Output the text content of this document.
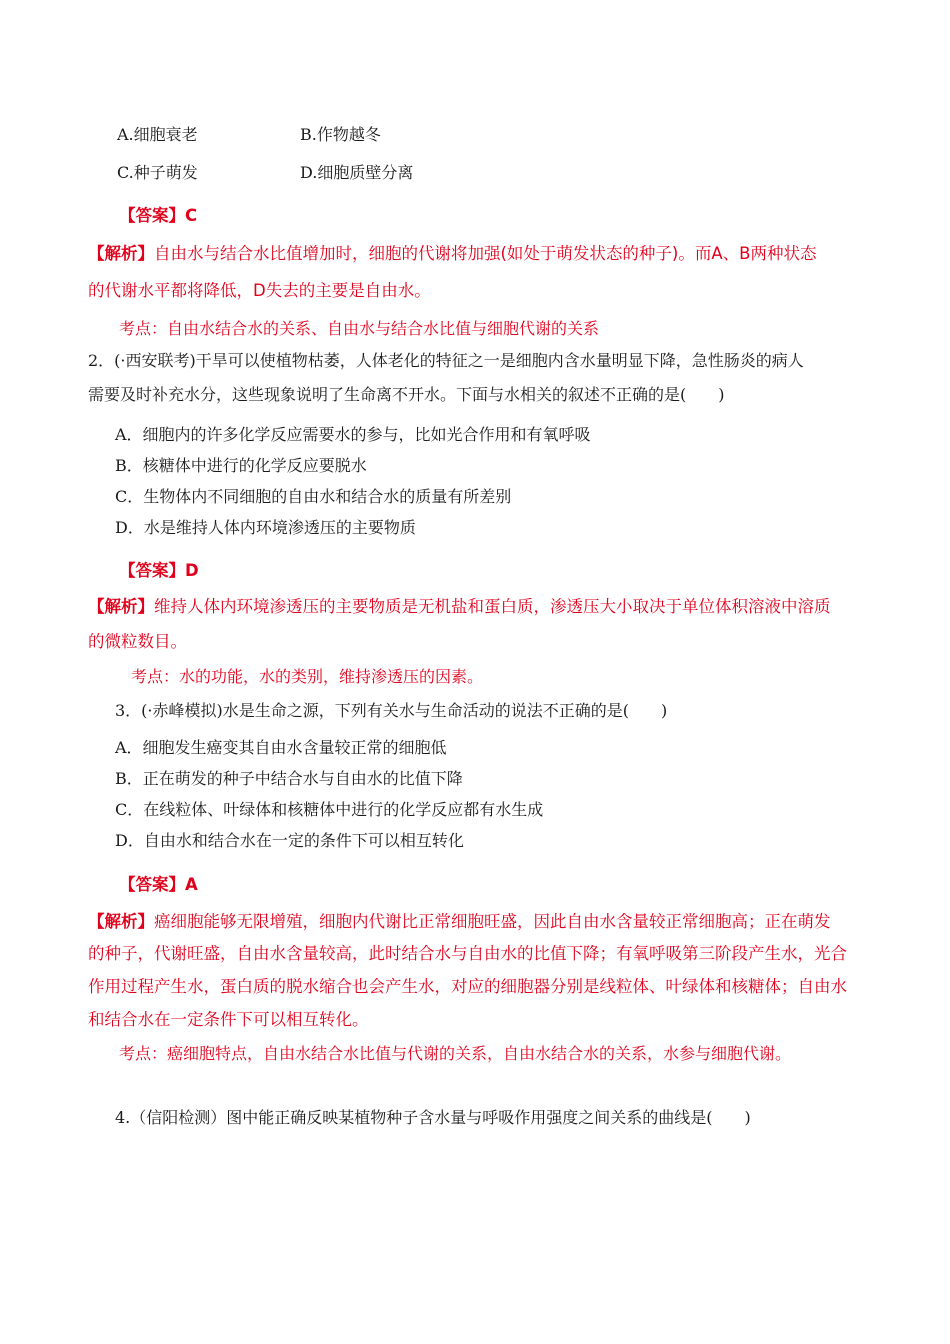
A.细胞衰老	B.作物越冬
C.种子萌发	D.细胞质壁分离
【答案】C
【解析】自由水与结合水比值增加时，细胞的代谢将加强(如处于萌发状态的种子)。而A、B两种状态
的代谢水平都将降低，D失去的主要是自由水。
考点：自由水结合水的关系、自由水与结合水比值与细胞代谢的关系
2．(·西安联考)干旱可以使植物枯萎，人体老化的特征之一是细胞内含水量明显下降，急性肠炎的病人
需要及时补充水分，这些现象说明了生命离不开水。下面与水相关的叙述不正确的是(　　)
A．细胞内的许多化学反应需要水的参与，比如光合作用和有氧呼吸
B．核糖体中进行的化学反应要脱水
C．生物体内不同细胞的自由水和结合水的质量有所差别
D．水是维持人体内环境渗透压的主要物质
【答案】D
【解析】维持人体内环境渗透压的主要物质是无机盐和蛋白质，渗透压大小取决于单位体积溶液中溶质
的微粒数目。
考点：水的功能，水的类别，维持渗透压的因素。
3．(·赤峰模拟)水是生命之源，下列有关水与生命活动的说法不正确的是(　　)
A．细胞发生癌变其自由水含量较正常的细胞低
B．正在萌发的种子中结合水与自由水的比值下降
C．在线粒体、叶绿体和核糖体中进行的化学反应都有水生成
D．自由水和结合水在一定的条件下可以相互转化
【答案】A
【解析】癌细胞能够无限增殖，细胞内代谢比正常细胞旺盛，因此自由水含量较正常细胞高；正在萌发
的种子，代谢旺盛，自由水含量较高，此时结合水与自由水的比值下降；有氧呼吸第三阶段产生水，光合
作用过程产生水，蛋白质的脱水缩合也会产生水，对应的细胞器分别是线粒体、叶绿体和核糖体；自由水
和结合水在一定条件下可以相互转化。
考点：癌细胞特点，自由水结合水比值与代谢的关系，自由水结合水的关系，水参与细胞代谢。
4.（信阳检测）图中能正确反映某植物种子含水量与呼吸作用强度之间关系的曲线是(　　)
